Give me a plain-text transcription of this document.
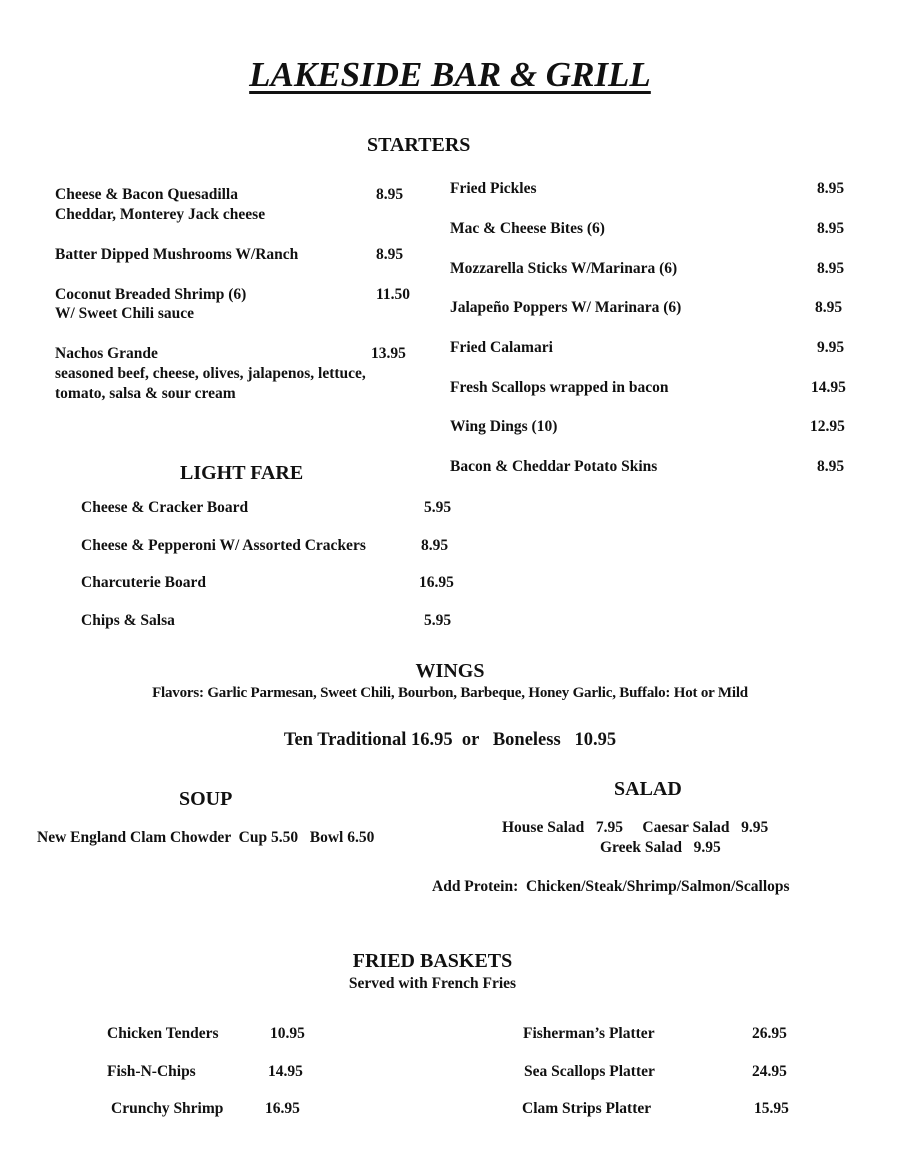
LAKESIDE BAR & GRILL
STARTERS
Cheese & Bacon Quesadilla	8.95
Cheddar, Monterey Jack cheese
Batter Dipped Mushrooms W/Ranch	8.95
Coconut Breaded Shrimp (6)	11.50
W/ Sweet Chili sauce
Nachos Grande	13.95
seasoned beef, cheese, olives, jalapenos, lettuce,
tomato, salsa & sour cream
Fried Pickles	8.95
Mac & Cheese Bites (6)	8.95
Mozzarella Sticks W/Marinara (6)	8.95
Jalapeño Poppers W/ Marinara (6)	8.95
Fried Calamari	9.95
Fresh Scallops wrapped in bacon	14.95
Wing Dings (10)	12.95
Bacon & Cheddar Potato Skins	8.95
LIGHT FARE
Cheese & Cracker Board	5.95
Cheese & Pepperoni W/ Assorted Crackers	8.95
Charcuterie Board	16.95
Chips & Salsa	5.95
WINGS
Flavors: Garlic Parmesan, Sweet Chili, Bourbon, Barbeque, Honey Garlic, Buffalo: Hot or Mild
Ten Traditional 16.95  or   Boneless   10.95
SOUP
New England Clam Chowder  Cup 5.50   Bowl 6.50
SALAD
House Salad   7.95     Caesar Salad   9.95
Greek Salad   9.95
Add Protein:  Chicken/Steak/Shrimp/Salmon/Scallops
FRIED BASKETS
Served with French Fries
Chicken Tenders	10.95
Fish-N-Chips	14.95
Crunchy Shrimp	16.95
Fisherman’s Platter	26.95
Sea Scallops Platter	24.95
Clam Strips Platter	15.95
